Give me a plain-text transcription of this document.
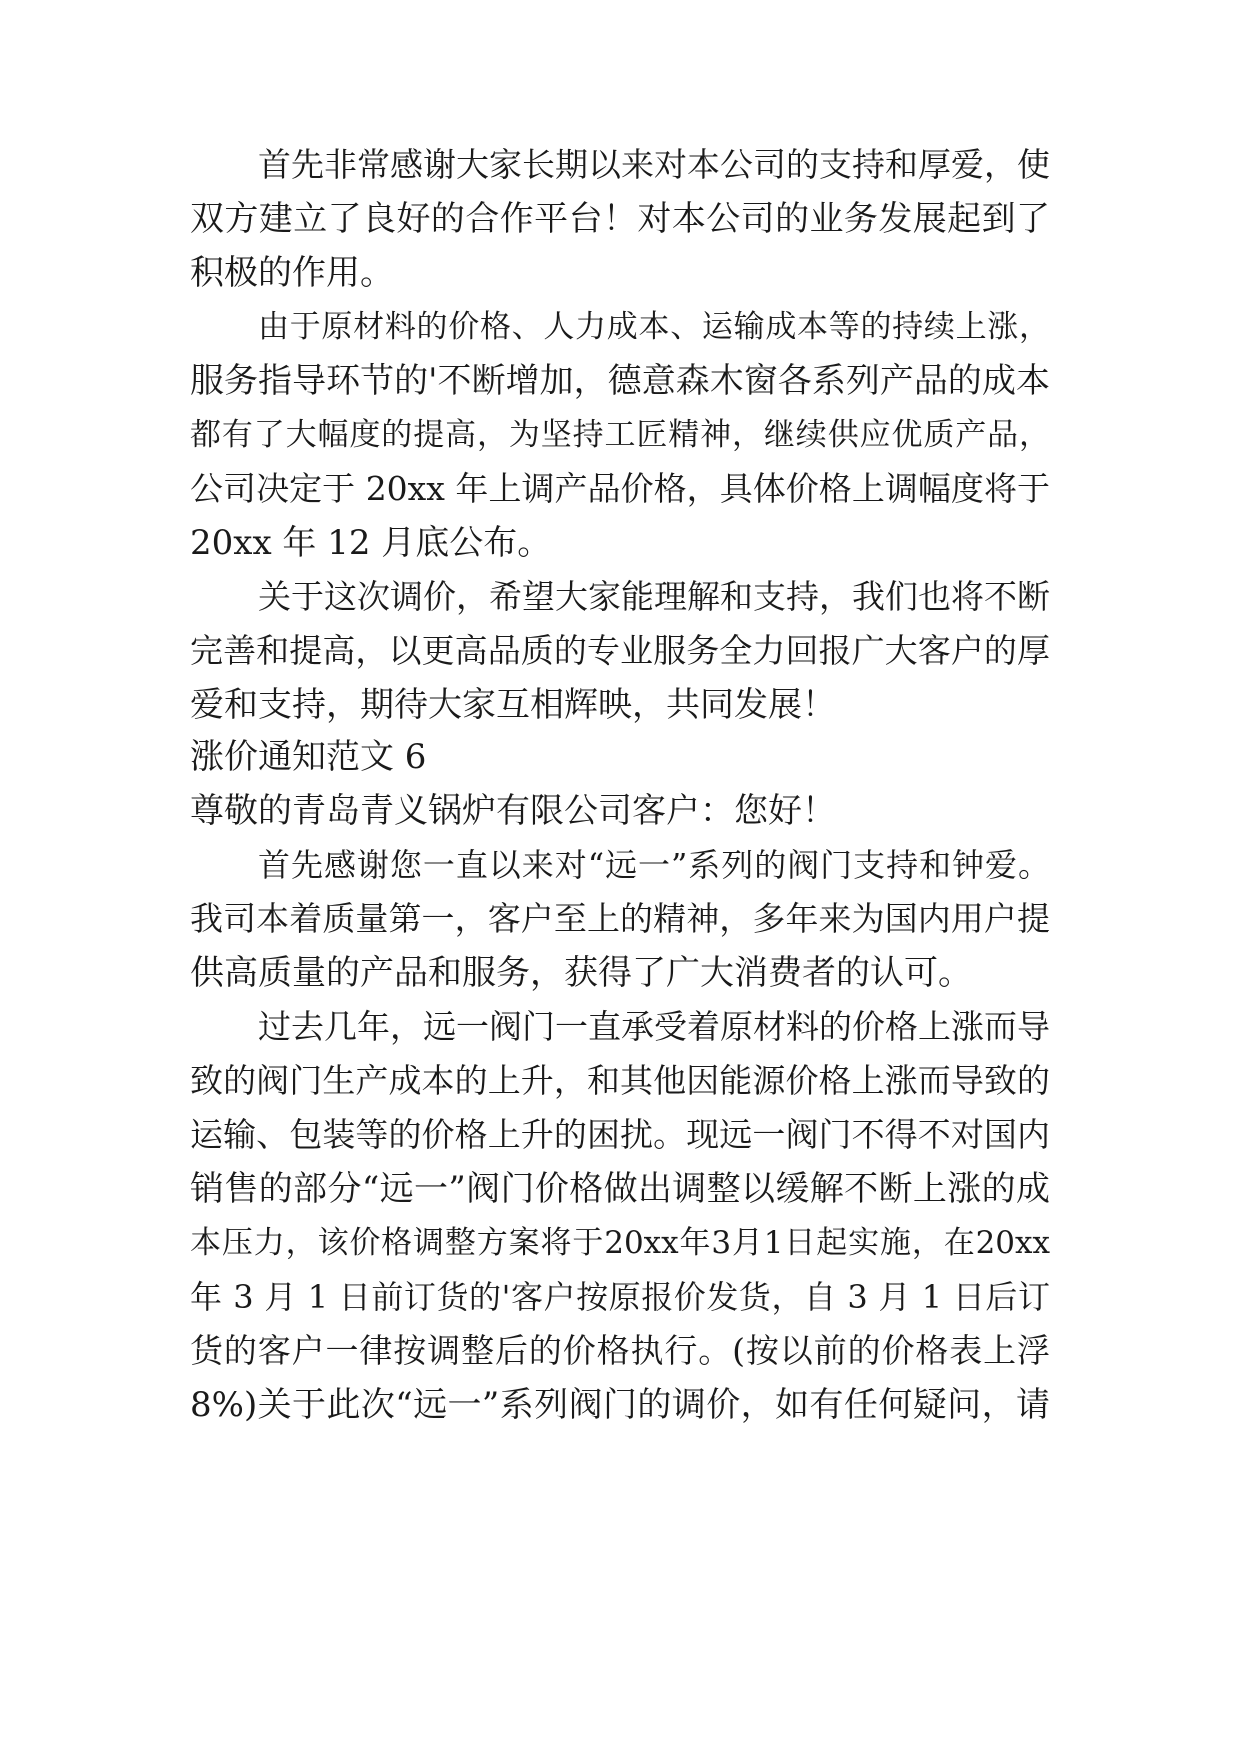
首先非常感谢大家长期以来对本公司的支持和厚爱，使
双方建立了良好的合作平台！对本公司的业务发展起到了
积极的作用。
由于原材料的价格、人力成本、运输成本等的持续上涨，
服务指导环节的'不断增加，德意森木窗各系列产品的成本
都有了大幅度的提高，为坚持工匠精神，继续供应优质产品，
公司决定于 20xx 年上调产品价格，具体价格上调幅度将于
20xx 年 12 月底公布。
关于这次调价，希望大家能理解和支持，我们也将不断
完善和提高，以更高品质的专业服务全力回报广大客户的厚
爱和支持，期待大家互相辉映，共同发展！
涨价通知范文 6
尊敬的青岛青义锅炉有限公司客户：您好！
首先感谢您一直以来对“远一”系列的阀门支持和钟爱。
我司本着质量第一，客户至上的精神，多年来为国内用户提
供高质量的产品和服务，获得了广大消费者的认可。
过去几年，远一阀门一直承受着原材料的价格上涨而导
致的阀门生产成本的上升，和其他因能源价格上涨而导致的
运输、包装等的价格上升的困扰。现远一阀门不得不对国内
销售的部分“远一”阀门价格做出调整以缓解不断上涨的成
本压力，该价格调整方案将于20xx年3月1日起实施，在20xx
年 3 月 1 日前订货的'客户按原报价发货，自 3 月 1 日后订
货的客户一律按调整后的价格执行。(按以前的价格表上浮
8%)关于此次“远一”系列阀门的调价，如有任何疑问，请
